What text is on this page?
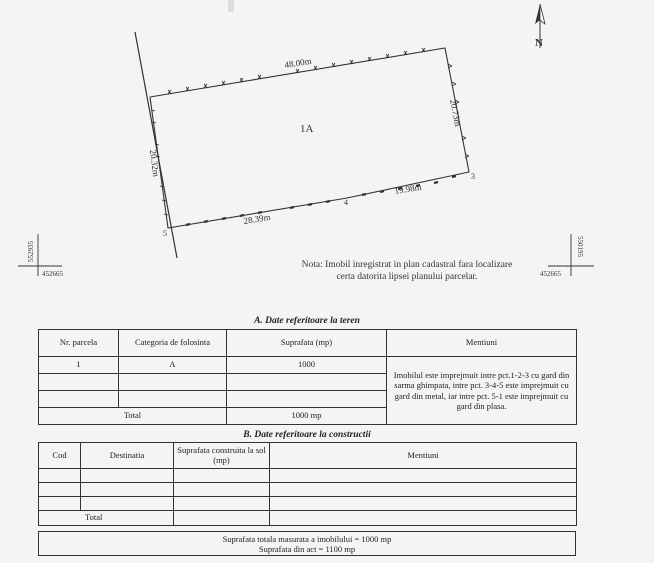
1A
48.00m
20.73m
20.32m
28.39m
19.98m
3
4
5
N
452665
552935
452665
550195
Nota: Imobil inregistrat in plan cadastral fara localizare certa datorita lipsei planului parcelar.
A. Date referitoare la teren
Nr. parcela	Categoria de folosinta	Suprafata (mp)	Mentiuni
1	A	1000	Imobilul este imprejmuit intre pct.1-2-3 cu gard din sarma ghimpata, intre pct. 3-4-5 este imprejmuit cu gard din metal, iar intre pct. 5-1 este imprejmuit cu gard din plasa.

Total		1000 mp	
B. Date referitoare la constructii
Cod	Destinatia	Suprafata construita la sol (mp)	Mentiuni

Total			
Suprafata totala masurata a imobilului = 1000 mp
Suprafata din act = 1100 mp
